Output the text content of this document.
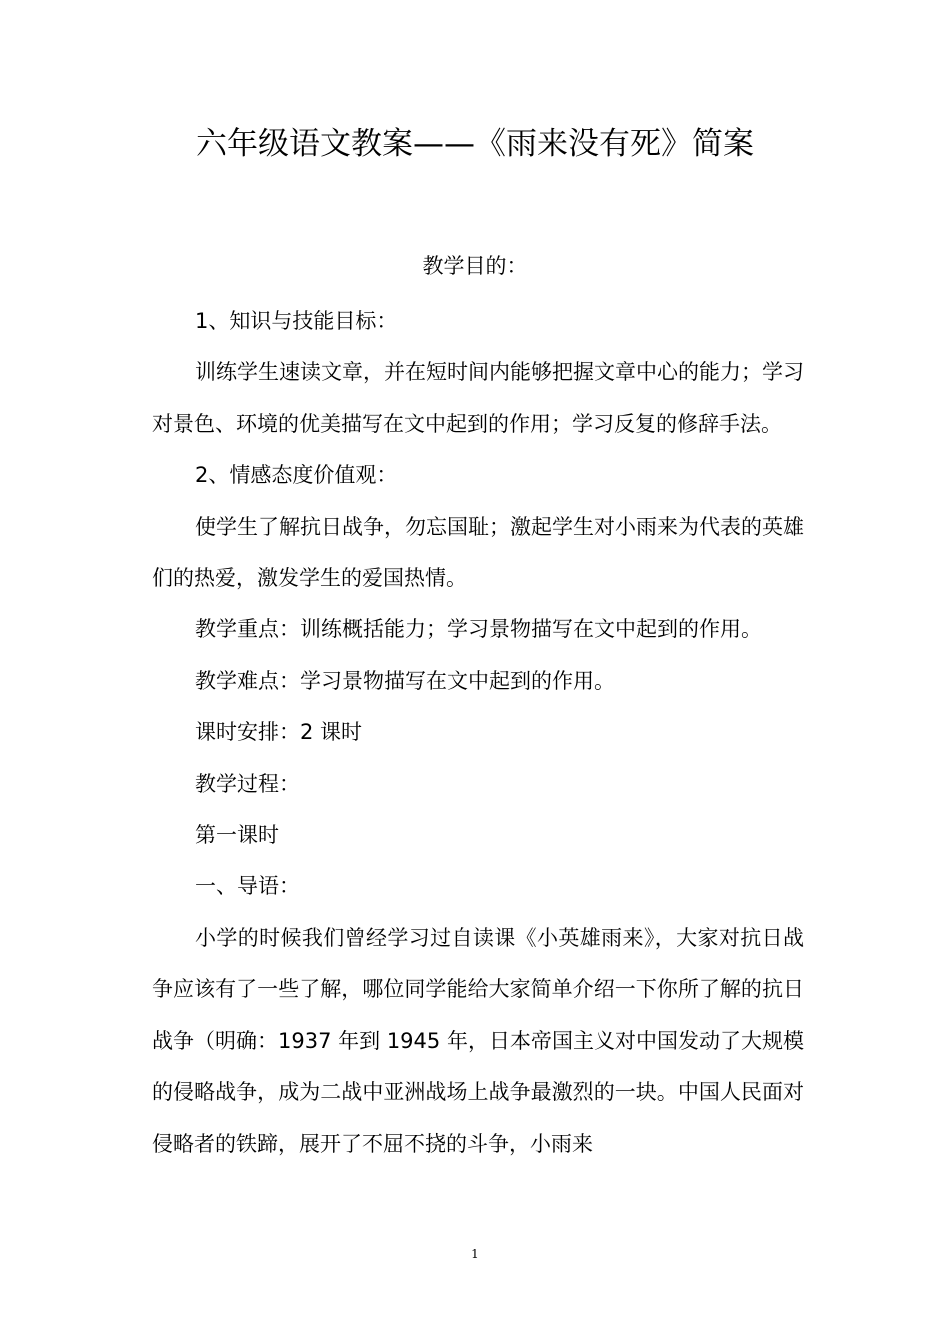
六年级语文教案——《雨来没有死》简案
教学目的：

1、知识与技能目标：

训练学生速读文章，并在短时间内能够把握文章中心的能力；学习对景色、环境的优美描写在文中起到的作用；学习反复的修辞手法。

2、情感态度价值观：

使学生了解抗日战争，勿忘国耻；激起学生对小雨来为代表的英雄们的热爱，激发学生的爱国热情。

教学重点：训练概括能力；学习景物描写在文中起到的作用。

教学难点：学习景物描写在文中起到的作用。

课时安排：2 课时

教学过程：

第一课时

一、导语：

小学的时候我们曾经学习过自读课《小英雄雨来》，大家对抗日战争应该有了一些了解，哪位同学能给大家简单介绍一下你所了解的抗日战争（明确：1937 年到 1945 年，日本帝国主义对中国发动了大规模的侵略战争，成为二战中亚洲战场上战争最激烈的一块。中国人民面对侵略者的铁蹄，展开了不屈不挠的斗争，小雨来

1
